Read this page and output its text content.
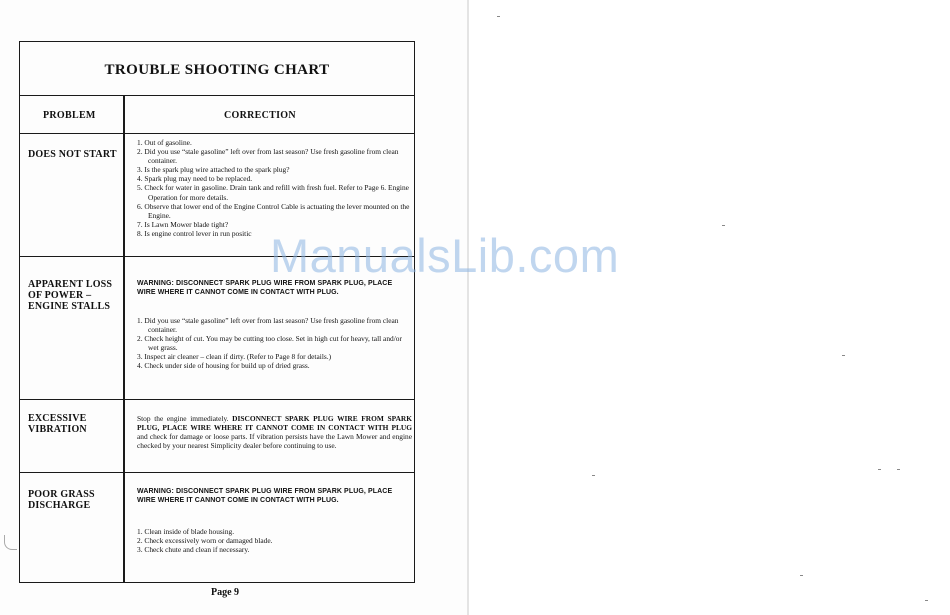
TROUBLE SHOOTING CHART
PROBLEM	CORRECTION
DOES NOT START
1. Out of gasoline.
2. Did you use “stale gasoline” left over from last season? Use fresh gasoline from clean container.
3. Is the spark plug wire attached to the spark plug?
4. Spark plug may need to be replaced.
5. Check for water in gasoline. Drain tank and refill with fresh fuel. Refer to Page 6. Engine Operation for more details.
6. Observe that lower end of the Engine Control Cable is actuating the lever mounted on the Engine.
7. Is Lawn Mower blade tight?
8. Is engine control lever in run positic
APPARENT LOSS OF POWER – ENGINE STALLS
WARNING: DISCONNECT SPARK PLUG WIRE FROM SPARK PLUG, PLACE WIRE WHERE IT CANNOT COME IN CONTACT WITH PLUG.
1. Did you use “stale gasoline” left over from last season? Use fresh gasoline from clean container.
2. Check height of cut. You may be cutting too close. Set in high cut for heavy, tall and/or wet grass.
3. Inspect air cleaner – clean if dirty. (Refer to Page 8 for details.)
4. Check under side of housing for build up of dried grass.
EXCESSIVE VIBRATION
Stop the engine immediately. DISCONNECT SPARK PLUG WIRE FROM SPARK PLUG, PLACE WIRE WHERE IT CANNOT COME IN CONTACT WITH PLUG and check for damage or loose parts. If vibration persists have the Lawn Mower and engine checked by your nearest Simplicity dealer before continuing to use.
POOR GRASS DISCHARGE
WARNING: DISCONNECT SPARK PLUG WIRE FROM SPARK PLUG, PLACE WIRE WHERE IT CANNOT COME IN CONTACT WITH PLUG.
1. Clean inside of blade housing.
2. Check excessively worn or damaged blade.
3. Check chute and clean if necessary.
Page 9
ManualsLib.com
